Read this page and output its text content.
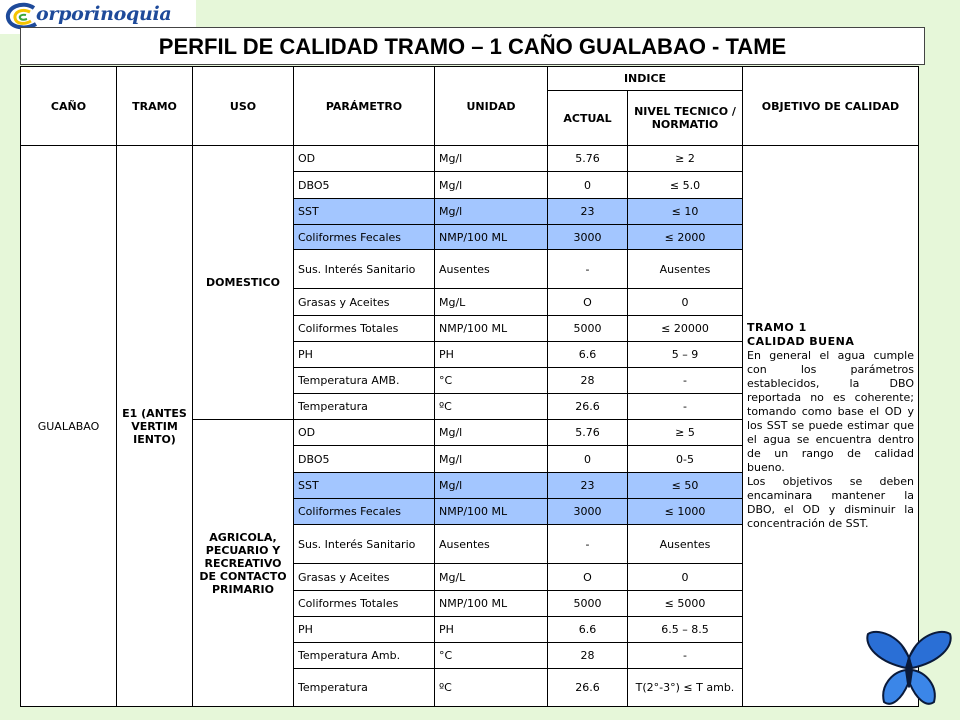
orporinoquia
PERFIL DE CALIDAD TRAMO – 1 CAÑO GUALABAO - TAME
CAÑO	TRAMO	USO	PARÁMETRO	UNIDAD	INDICE		OBJETIVO DE CALIDAD
					ACTUAL	NIVEL TECNICO / NORMATIO	
GUALABAO	E1 (ANTES VERTIM IENTO)	DOMESTICO	OD	Mg/l	5.76	≥ 2	TRAMO 1
CALIDAD BUENA
En general el agua cumple con los parámetros establecidos, la DBO reportada no es coherente; tomando como base el OD y los SST se puede estimar que el agua se encuentra dentro de un rango de calidad bueno.
Los objetivos se deben encaminara mantener la DBO, el OD y disminuir la concentración de SST.

			DBO5	Mg/l	0	≤ 5.0	
			SST	Mg/l	23	≤ 10	
			Coliformes Fecales	NMP/100 ML	3000	≤ 2000	
			Sus. Interés Sanitario	Ausentes	-	Ausentes	
			Grasas y Aceites	Mg/L	O	0	
			Coliformes Totales	NMP/100 ML	5000	≤ 20000	
			PH	PH	6.6	5 – 9	
			Temperatura AMB.	°C	28	-	
			Temperatura	ºC	26.6	-	
		AGRICOLA, PECUARIO Y RECREATIVO DE CONTACTO PRIMARIO	OD	Mg/l	5.76	≥ 5	
			DBO5	Mg/l	0	0-5	
			SST	Mg/l	23	≤ 50	
			Coliformes Fecales	NMP/100 ML	3000	≤ 1000	
			Sus. Interés Sanitario	Ausentes	-	Ausentes	
			Grasas y Aceites	Mg/L	O	0	
			Coliformes Totales	NMP/100 ML	5000	≤ 5000	
			PH	PH	6.6	6.5 – 8.5	
			Temperatura Amb.	°C	28	-	
			Temperatura	ºC	26.6	T(2°-3°) ≤ T amb.	
